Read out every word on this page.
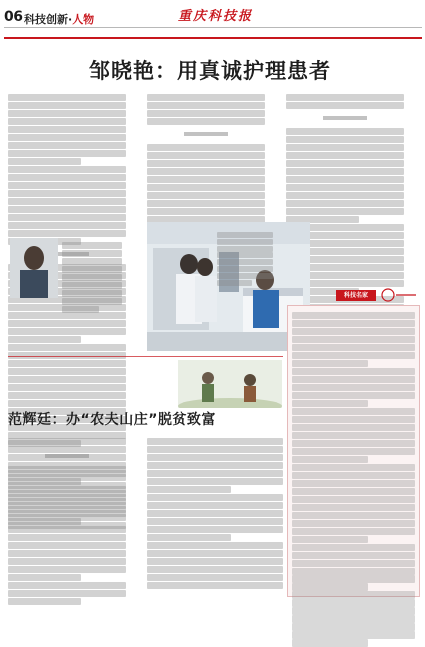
06 科技创新·人物	重庆科技报
邹晓艳：用真诚护理患者
科技名家
范辉廷：办“农夫山庄”脱贫致富
